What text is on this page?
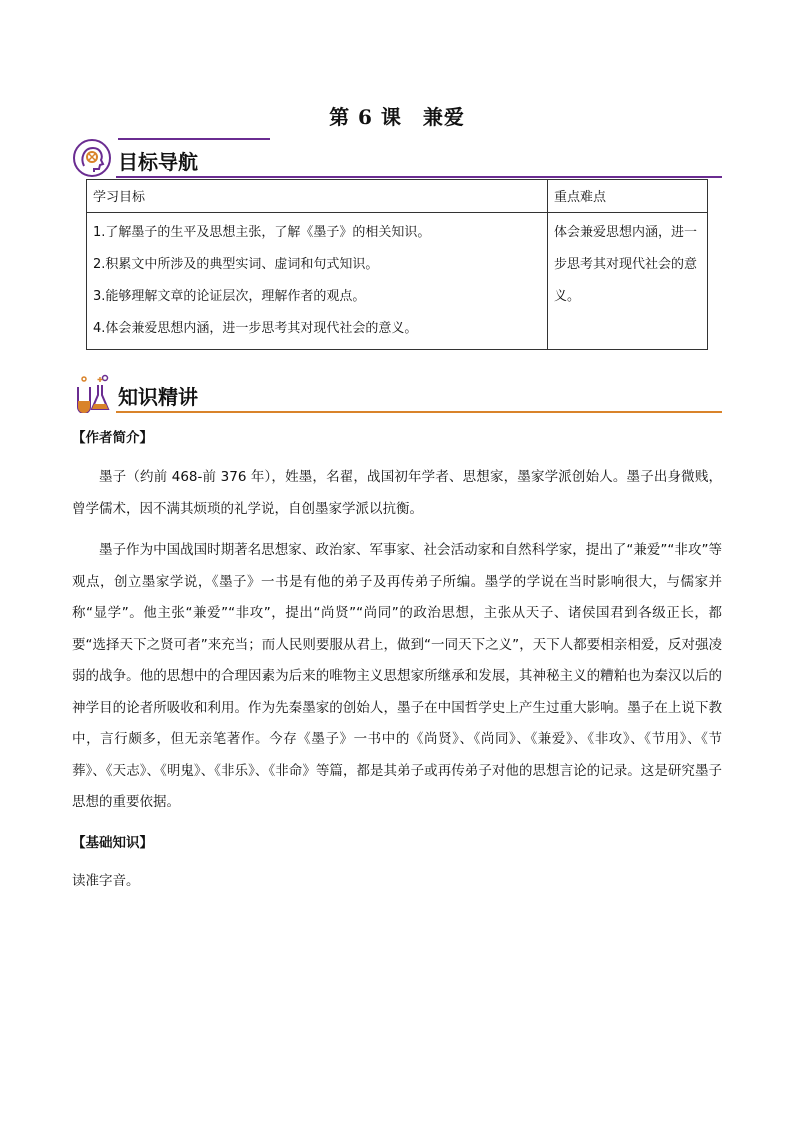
第 6 课　兼爱
目标导航
学习目标	重点难点

1.了解墨子的生平及思想主张，了解《墨子》的相关知识。
2.积累文中所涉及的典型实词、虚词和句式知识。
3.能够理解文章的论证层次，理解作者的观点。
4.体会兼爱思想内涵，进一步思考其对现代社会的意义。	体会兼爱思想内涵，进一步思考其对现代社会的意义。
知识精讲
【作者简介】

墨子（约前 468-前 376 年），姓墨，名翟，战国初年学者、思想家，墨家学派创始人。墨子出身微贱，曾学儒术，因不满其烦琐的礼学说，自创墨家学派以抗衡。

墨子作为中国战国时期著名思想家、政治家、军事家、社会活动家和自然科学家，提出了“兼爱”“非攻”等观点，创立墨家学说，《墨子》一书是有他的弟子及再传弟子所编。墨学的学说在当时影响很大，与儒家并称“显学”。他主张“兼爱”“非攻”，提出“尚贤”“尚同”的政治思想，主张从天子、诸侯国君到各级正长，都要“选择天下之贤可者”来充当；而人民则要服从君上，做到“一同天下之义”，天下人都要相亲相爱，反对强凌弱的战争。他的思想中的合理因素为后来的唯物主义思想家所继承和发展，其神秘主义的糟粕也为秦汉以后的神学目的论者所吸收和利用。作为先秦墨家的创始人，墨子在中国哲学史上产生过重大影响。墨子在上说下教中，言行颇多，但无亲笔著作。今存《墨子》一书中的《尚贤》、《尚同》、《兼爱》、《非攻》、《节用》、《节葬》、《天志》、《明鬼》、《非乐》、《非命》等篇，都是其弟子或再传弟子对他的思想言论的记录。这是研究墨子思想的重要依据。

【基础知识】

读准字音。
